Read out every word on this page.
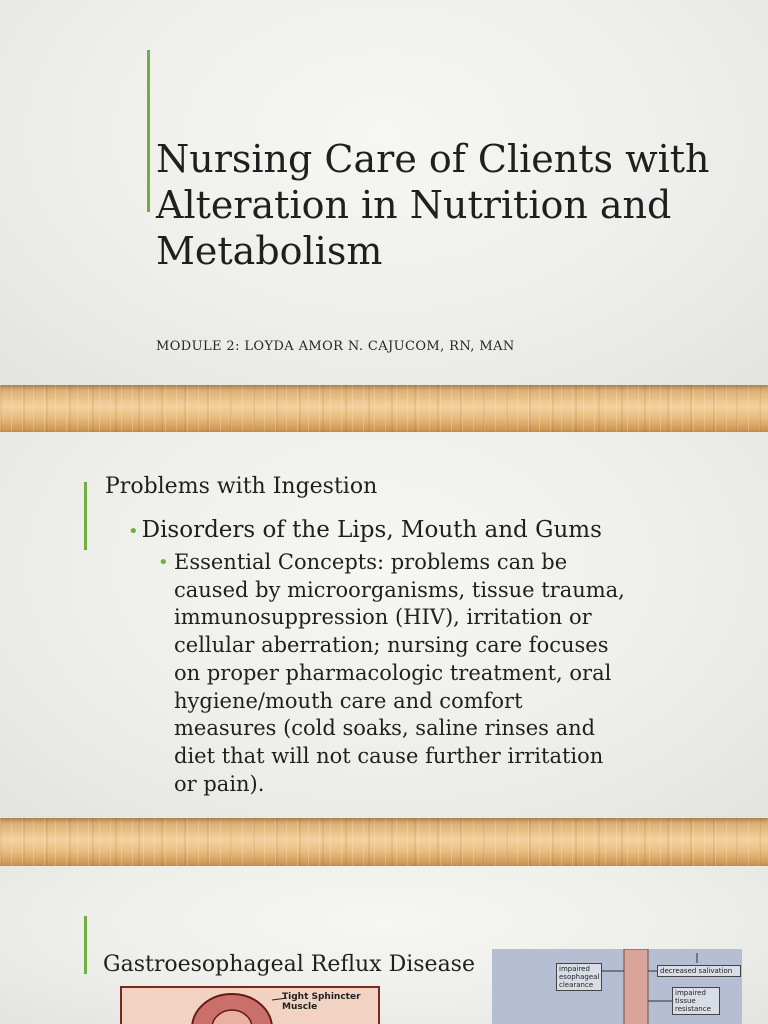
Nursing Care of Clients with Alteration in Nutrition and Metabolism
MODULE 2: LOYDA AMOR N. CAJUCOM, RN, MAN
Problems with Ingestion
• Disorders of the Lips, Mouth and Gums
• Essential Concepts: problems can be caused by microorganisms, tissue trauma, immunosuppression (HIV), irritation or cellular aberration; nursing care focuses on proper pharmacologic treatment, oral hygiene/mouth care and comfort measures (cold soaks, saline rinses and diet that will not cause further irritation or pain).
Gastroesophageal Reflux Disease
Tight Sphincter
Muscle
impaired esophageal clearance
decreased salivation
impaired tissue resistance
